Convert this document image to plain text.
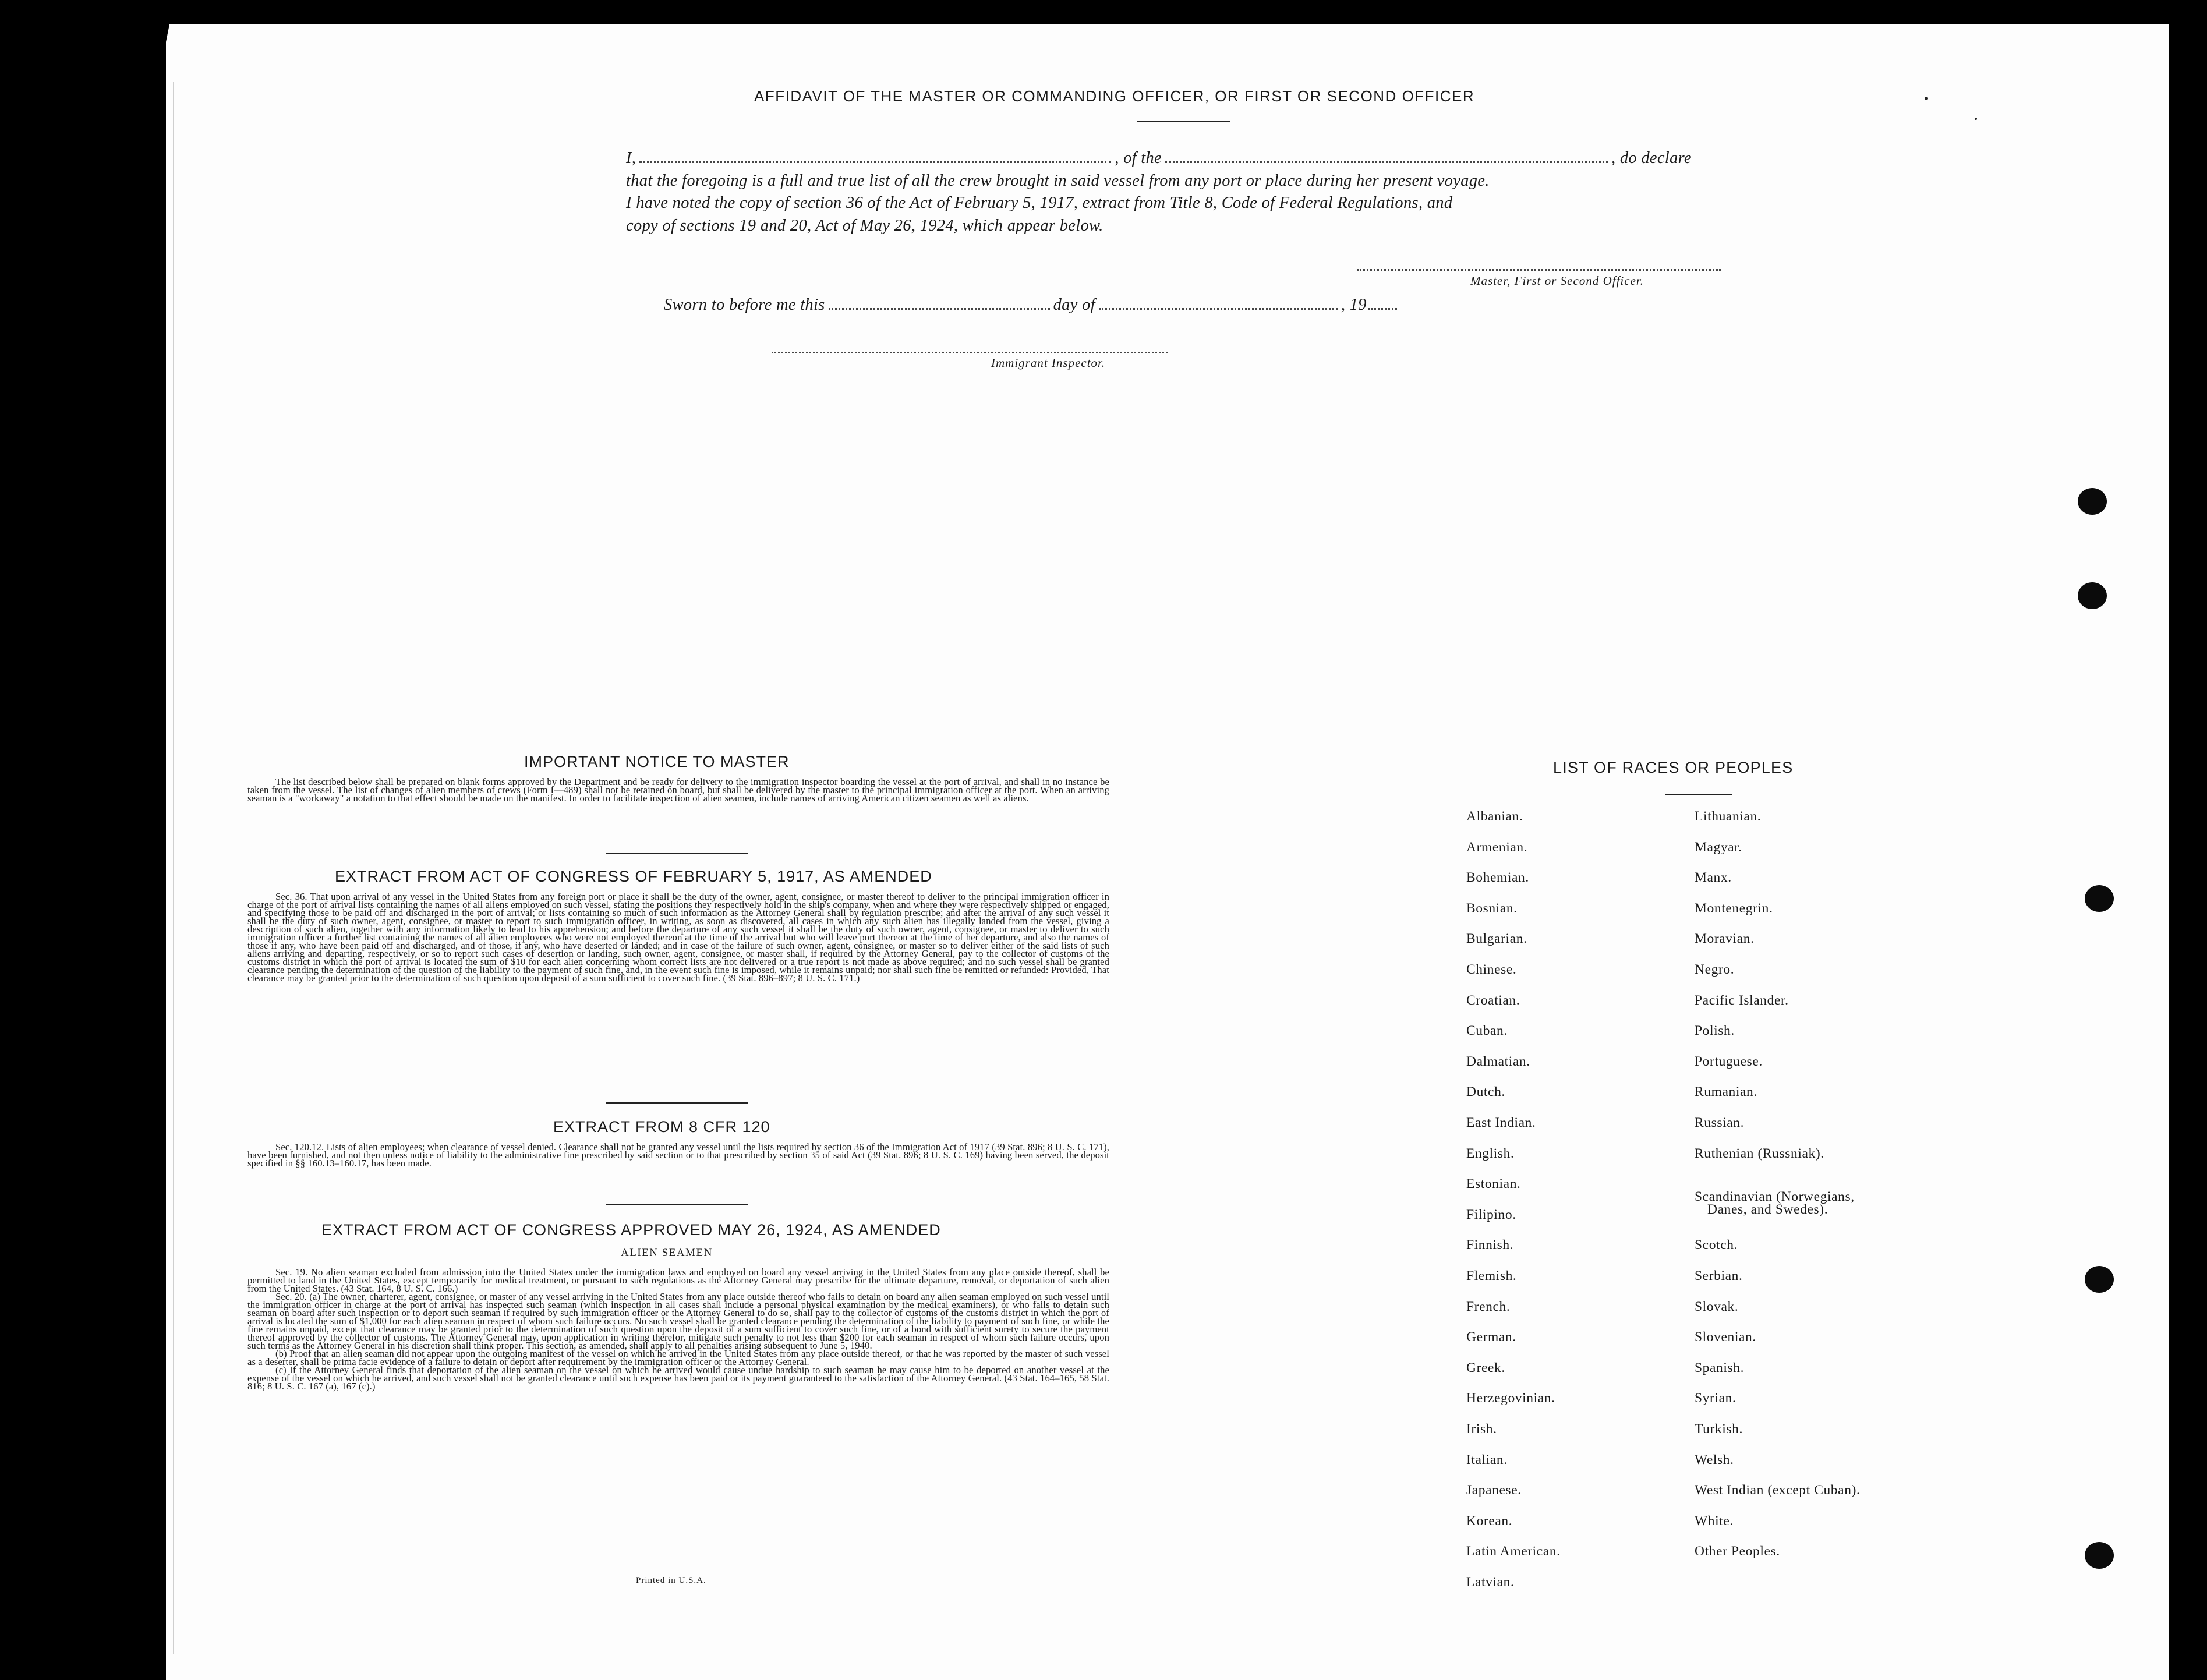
AFFIDAVIT OF THE MASTER OR COMMANDING OFFICER, OR FIRST OR SECOND OFFICER
I,	, of the	, do declare
that the foregoing is a full and true list of all the crew brought in said vessel from any port or place during her present voyage.
I have noted the copy of section 36 of the Act of February 5, 1917, extract from Title 8, Code of Federal Regulations, and
copy of sections 19 and 20, Act of May 26, 1924, which appear below.
Master, First or Second Officer.
Sworn to before me this	day of	, 19
Immigrant Inspector.
IMPORTANT NOTICE TO MASTER

The list described below shall be prepared on blank forms approved by the Department and be ready for delivery to the immigration inspector boarding the vessel at the port of arrival, and shall in no instance be taken from the vessel. The list of changes of alien members of crews (Form I—489) shall not be retained on board, but shall be delivered by the master to the principal immigration officer at the port. When an arriving seaman is a "workaway" a notation to that effect should be made on the manifest. In order to facilitate inspection of alien seamen, include names of arriving American citizen seamen as well as aliens.

EXTRACT FROM ACT OF CONGRESS OF FEBRUARY 5, 1917, AS AMENDED

Sec. 36. That upon arrival of any vessel in the United States from any foreign port or place it shall be the duty of the owner, agent, consignee, or master thereof to deliver to the principal immigration officer in charge of the port of arrival lists containing the names of all aliens employed on such vessel, stating the positions they respectively hold in the ship's company, when and where they were respectively shipped or engaged, and specifying those to be paid off and discharged in the port of arrival; or lists containing so much of such information as the Attorney General shall by regulation prescribe; and after the arrival of any such vessel it shall be the duty of such owner, agent, consignee, or master to report to such immigration officer, in writing, as soon as discovered, all cases in which any such alien has illegally landed from the vessel, giving a description of such alien, together with any information likely to lead to his apprehension; and before the departure of any such vessel it shall be the duty of such owner, agent, consignee, or master to deliver to such immigration officer a further list containing the names of all alien employees who were not employed thereon at the time of the arrival but who will leave port thereon at the time of her departure, and also the names of those if any, who have been paid off and discharged, and of those, if any, who have deserted or landed; and in case of the failure of such owner, agent, consignee, or master so to deliver either of the said lists of such aliens arriving and departing, respectively, or so to report such cases of desertion or landing, such owner, agent, consignee, or master shall, if required by the Attorney General, pay to the collector of customs of the customs district in which the port of arrival is located the sum of $10 for each alien concerning whom correct lists are not delivered or a true report is not made as above required; and no such vessel shall be granted clearance pending the determination of the question of the liability to the payment of such fine, and, in the event such fine is imposed, while it remains unpaid; nor shall such fine be remitted or refunded: Provided, That clearance may be granted prior to the determination of such question upon deposit of a sum sufficient to cover such fine. (39 Stat. 896–897; 8 U. S. C. 171.)

EXTRACT FROM 8 CFR 120

Sec. 120.12. Lists of alien employees; when clearance of vessel denied. Clearance shall not be granted any vessel until the lists required by section 36 of the Immigration Act of 1917 (39 Stat. 896; 8 U. S. C. 171), have been furnished, and not then unless notice of liability to the administrative fine prescribed by said section or to that prescribed by section 35 of said Act (39 Stat. 896; 8 U. S. C. 169) having been served, the deposit specified in §§ 160.13–160.17, has been made.

EXTRACT FROM ACT OF CONGRESS APPROVED MAY 26, 1924, AS AMENDED
ALIEN SEAMEN

Sec. 19. No alien seaman excluded from admission into the United States under the immigration laws and employed on board any vessel arriving in the United States from any place outside thereof, shall be permitted to land in the United States, except temporarily for medical treatment, or pursuant to such regulations as the Attorney General may prescribe for the ultimate departure, removal, or deportation of such alien from the United States. (43 Stat. 164, 8 U. S. C. 166.)

Sec. 20. (a) The owner, charterer, agent, consignee, or master of any vessel arriving in the United States from any place outside thereof who fails to detain on board any alien seaman employed on such vessel until the immigration officer in charge at the port of arrival has inspected such seaman (which inspection in all cases shall include a personal physical examination by the medical examiners), or who fails to detain such seaman on board after such inspection or to deport such seaman if required by such immigration officer or the Attorney General to do so, shall pay to the collector of customs of the customs district in which the port of arrival is located the sum of $1,000 for each alien seaman in respect of whom such failure occurs. No such vessel shall be granted clearance pending the determination of the liability to payment of such fine, or while the fine remains unpaid, except that clearance may be granted prior to the determination of such question upon the deposit of a sum sufficient to cover such fine, or of a bond with sufficient surety to secure the payment thereof approved by the collector of customs. The Attorney General may, upon application in writing therefor, mitigate such penalty to not less than $200 for each seaman in respect of whom such failure occurs, upon such terms as the Attorney General in his discretion shall think proper. This section, as amended, shall apply to all penalties arising subsequent to June 5, 1940.

(b) Proof that an alien seaman did not appear upon the outgoing manifest of the vessel on which he arrived in the United States from any place outside thereof, or that he was reported by the master of such vessel as a deserter, shall be prima facie evidence of a failure to detain or deport after requirement by the immigration officer or the Attorney General.

(c) If the Attorney General finds that deportation of the alien seaman on the vessel on which he arrived would cause undue hardship to such seaman he may cause him to be deported on another vessel at the expense of the vessel on which he arrived, and such vessel shall not be granted clearance until such expense has been paid or its payment guaranteed to the satisfaction of the Attorney General. (43 Stat. 164–165, 58 Stat. 816; 8 U. S. C. 167 (a), 167 (c).)

Printed in U.S.A.
LIST OF RACES OR PEOPLES
Albanian.
Armenian.
Bohemian.
Bosnian.
Bulgarian.
Chinese.
Croatian.
Cuban.
Dalmatian.
Dutch.
East Indian.
English.
Estonian.
Filipino.
Finnish.
Flemish.
French.
German.
Greek.
Herzegovinian.
Irish.
Italian.
Japanese.
Korean.
Latin American.
Latvian.
Lithuanian.
Magyar.
Manx.
Montenegrin.
Moravian.
Negro.
Pacific Islander.
Polish.
Portuguese.
Rumanian.
Russian.
Ruthenian (Russniak).
Scandinavian (Norwegians,
Danes, and Swedes).
Scotch.
Serbian.
Slovak.
Slovenian.
Spanish.
Syrian.
Turkish.
Welsh.
West Indian (except Cuban).
White.
Other Peoples.
